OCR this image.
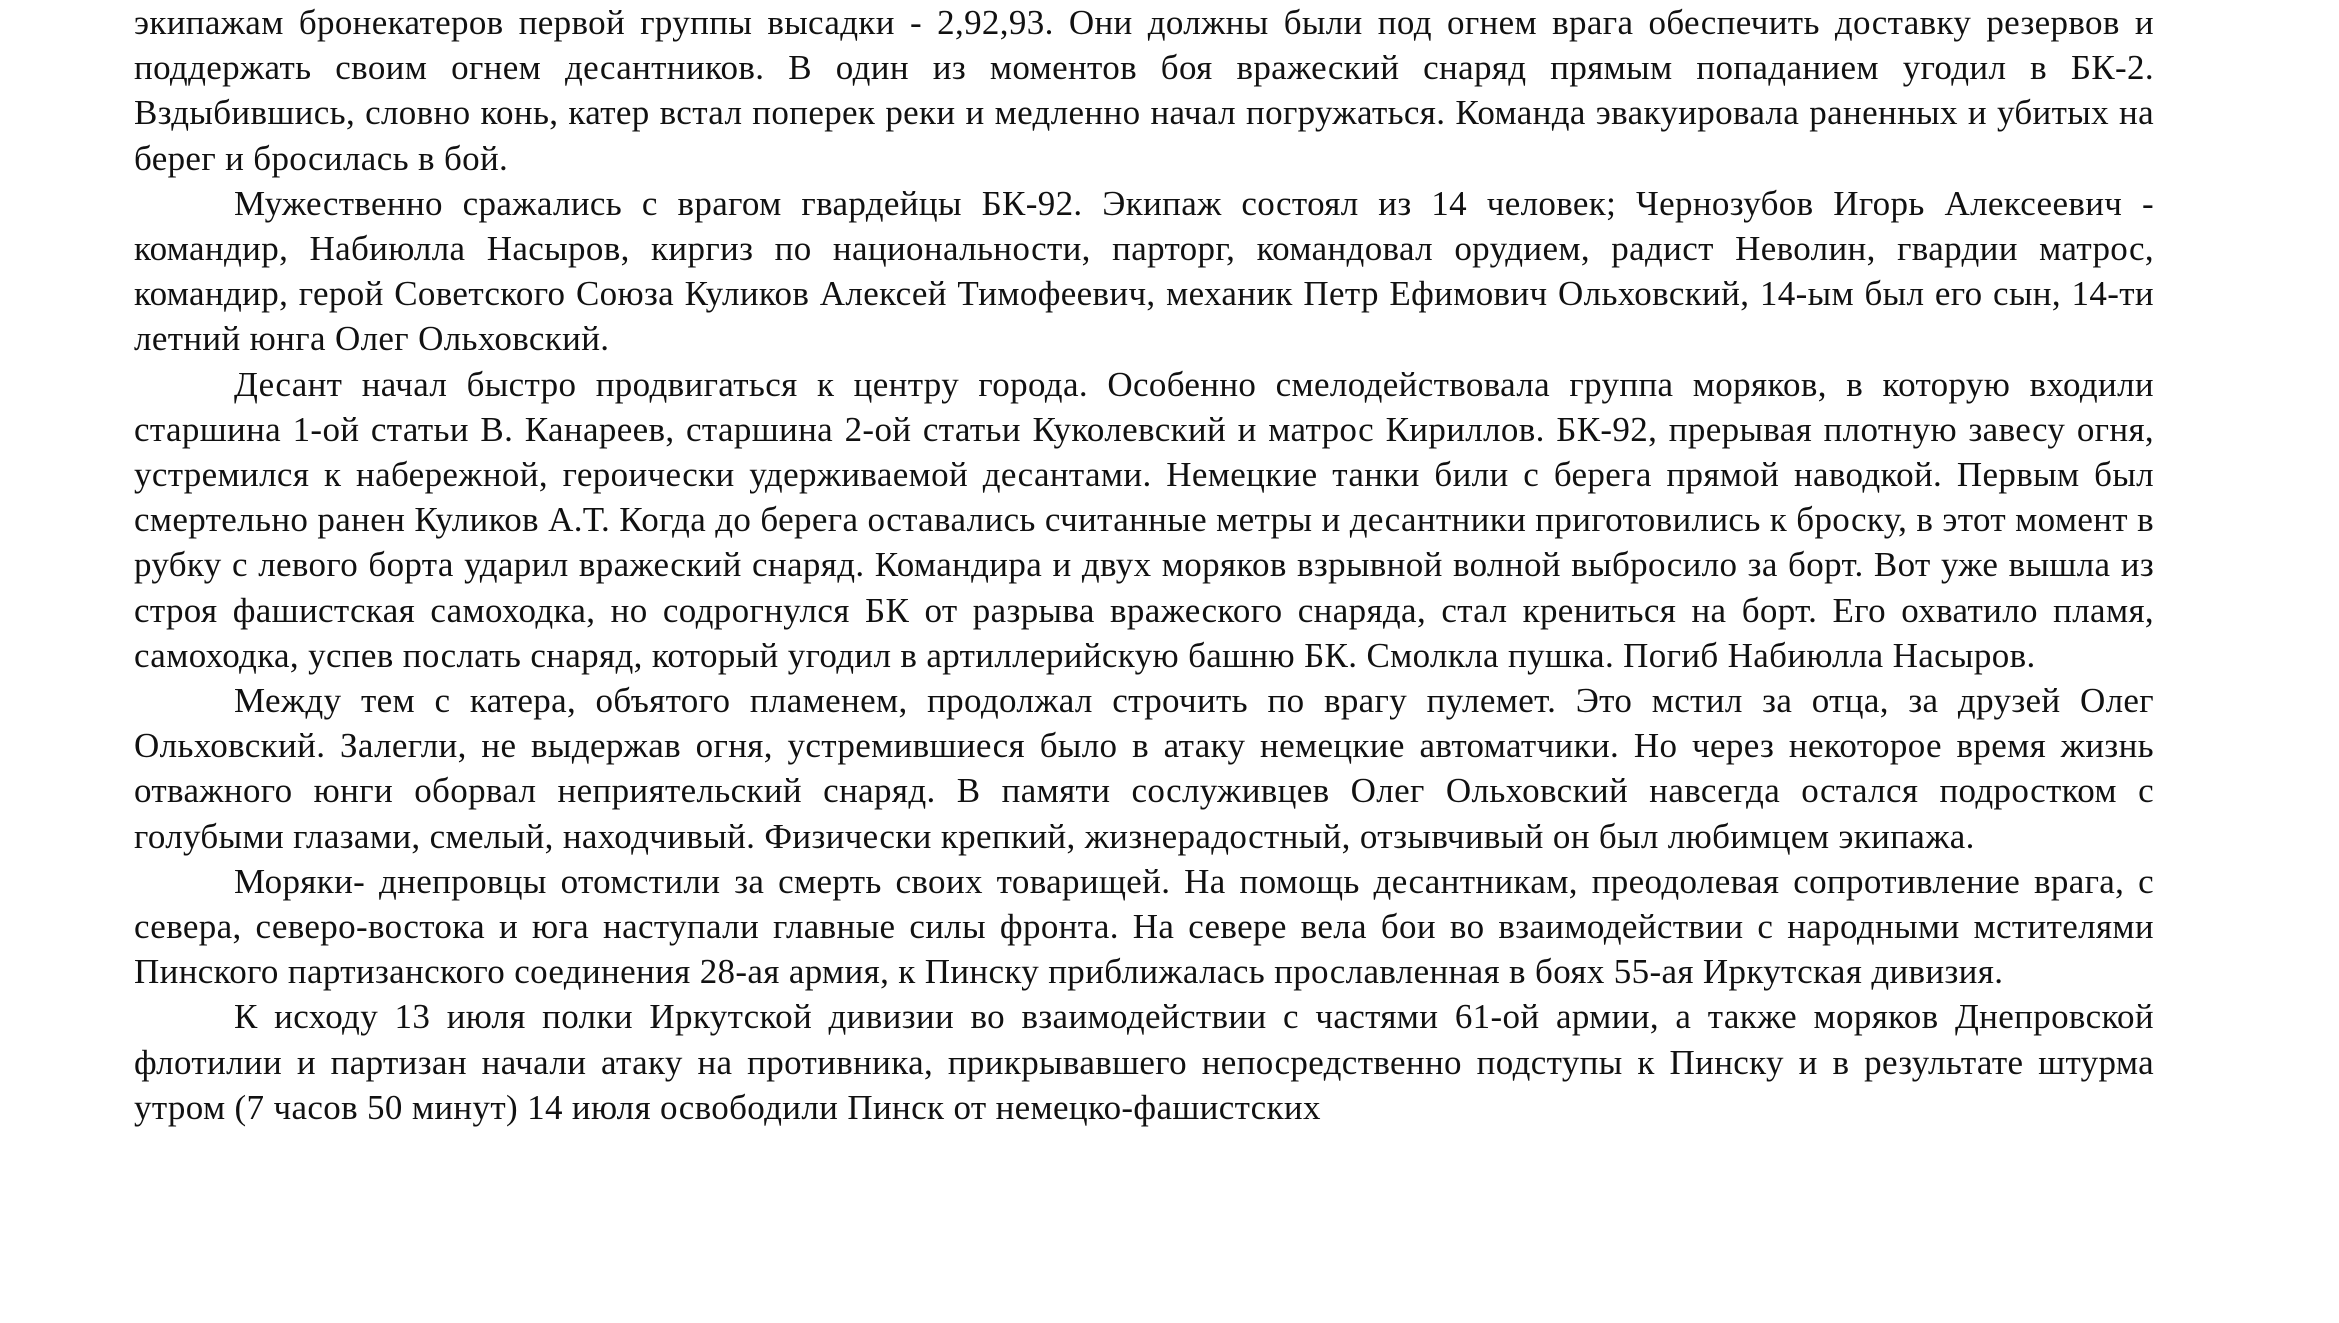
экипажам бронекатеров первой группы высадки - 2,92,93. Они должны были под огнем врага обеспечить доставку резервов и поддержать своим огнем десантников. В один из моментов боя вражеский снаряд прямым попаданием угодил в БК-2. Вздыбившись, словно конь, катер встал поперек реки и медленно начал погружаться. Команда эвакуировала раненных и убитых на берег и бросилась в бой.

Мужественно сражались с врагом гвардейцы БК-92. Экипаж состоял из 14 человек; Чернозубов Игорь Алексеевич - командир, Набиюлла Насыров, киргиз по национальности, парторг, командовал орудием, радист Неволин, гвардии матрос, командир, герой Советского Союза Куликов Алексей Тимофеевич, механик Петр Ефимович Ольховский, 14-ым был его сын, 14-ти летний юнга Олег Ольховский.

Десант начал быстро продвигаться к центру города. Особенно смелодействовала группа моряков, в которую входили старшина 1-ой статьи В. Канареев, старшина 2-ой статьи Куколевский и матрос Кириллов. БК-92, прерывая плотную завесу огня, устремился к набережной, героически удерживаемой десантами. Немецкие танки били с берега прямой наводкой. Первым был смертельно ранен Куликов А.Т. Когда до берега оставались считанные метры и десантники приготовились к броску, в этот момент в рубку с левого борта ударил вражеский снаряд. Командира и двух моряков взрывной волной выбросило за борт. Вот уже вышла из строя фашистская самоходка, но содрогнулся БК от разрыва вражеского снаряда, стал крениться на борт. Его охватило пламя, самоходка, успев послать снаряд, который угодил в артиллерийскую башню БК. Смолкла пушка. Погиб Набиюлла Насыров.

Между тем с катера, объятого пламенем, продолжал строчить по врагу пулемет. Это мстил за отца, за друзей Олег Ольховский. Залегли, не выдержав огня, устремившиеся было в атаку немецкие автоматчики. Но через некоторое время жизнь отважного юнги оборвал неприятельский снаряд. В памяти сослуживцев Олег Ольховский навсегда остался подростком с голубыми глазами, смелый, находчивый. Физически крепкий, жизнерадостный, отзывчивый он был любимцем экипажа.

Моряки- днепровцы отомстили за смерть своих товарищей. На помощь десантникам, преодолевая сопротивление врага, с севера, северо-востока и юга наступали главные силы фронта. На севере вела бои во взаимодействии с народными мстителями Пинского партизанского соединения 28-ая армия, к Пинску приближалась прославленная в боях 55-ая Иркутская дивизия.

К исходу 13 июля полки Иркутской дивизии во взаимодействии с частями 61-ой армии, а также моряков Днепровской флотилии и партизан начали атаку на противника, прикрывавшего непосредственно подступы к Пинску и в результате штурма утром (7 часов 50 минут) 14 июля освободили Пинск от немецко-фашистских
